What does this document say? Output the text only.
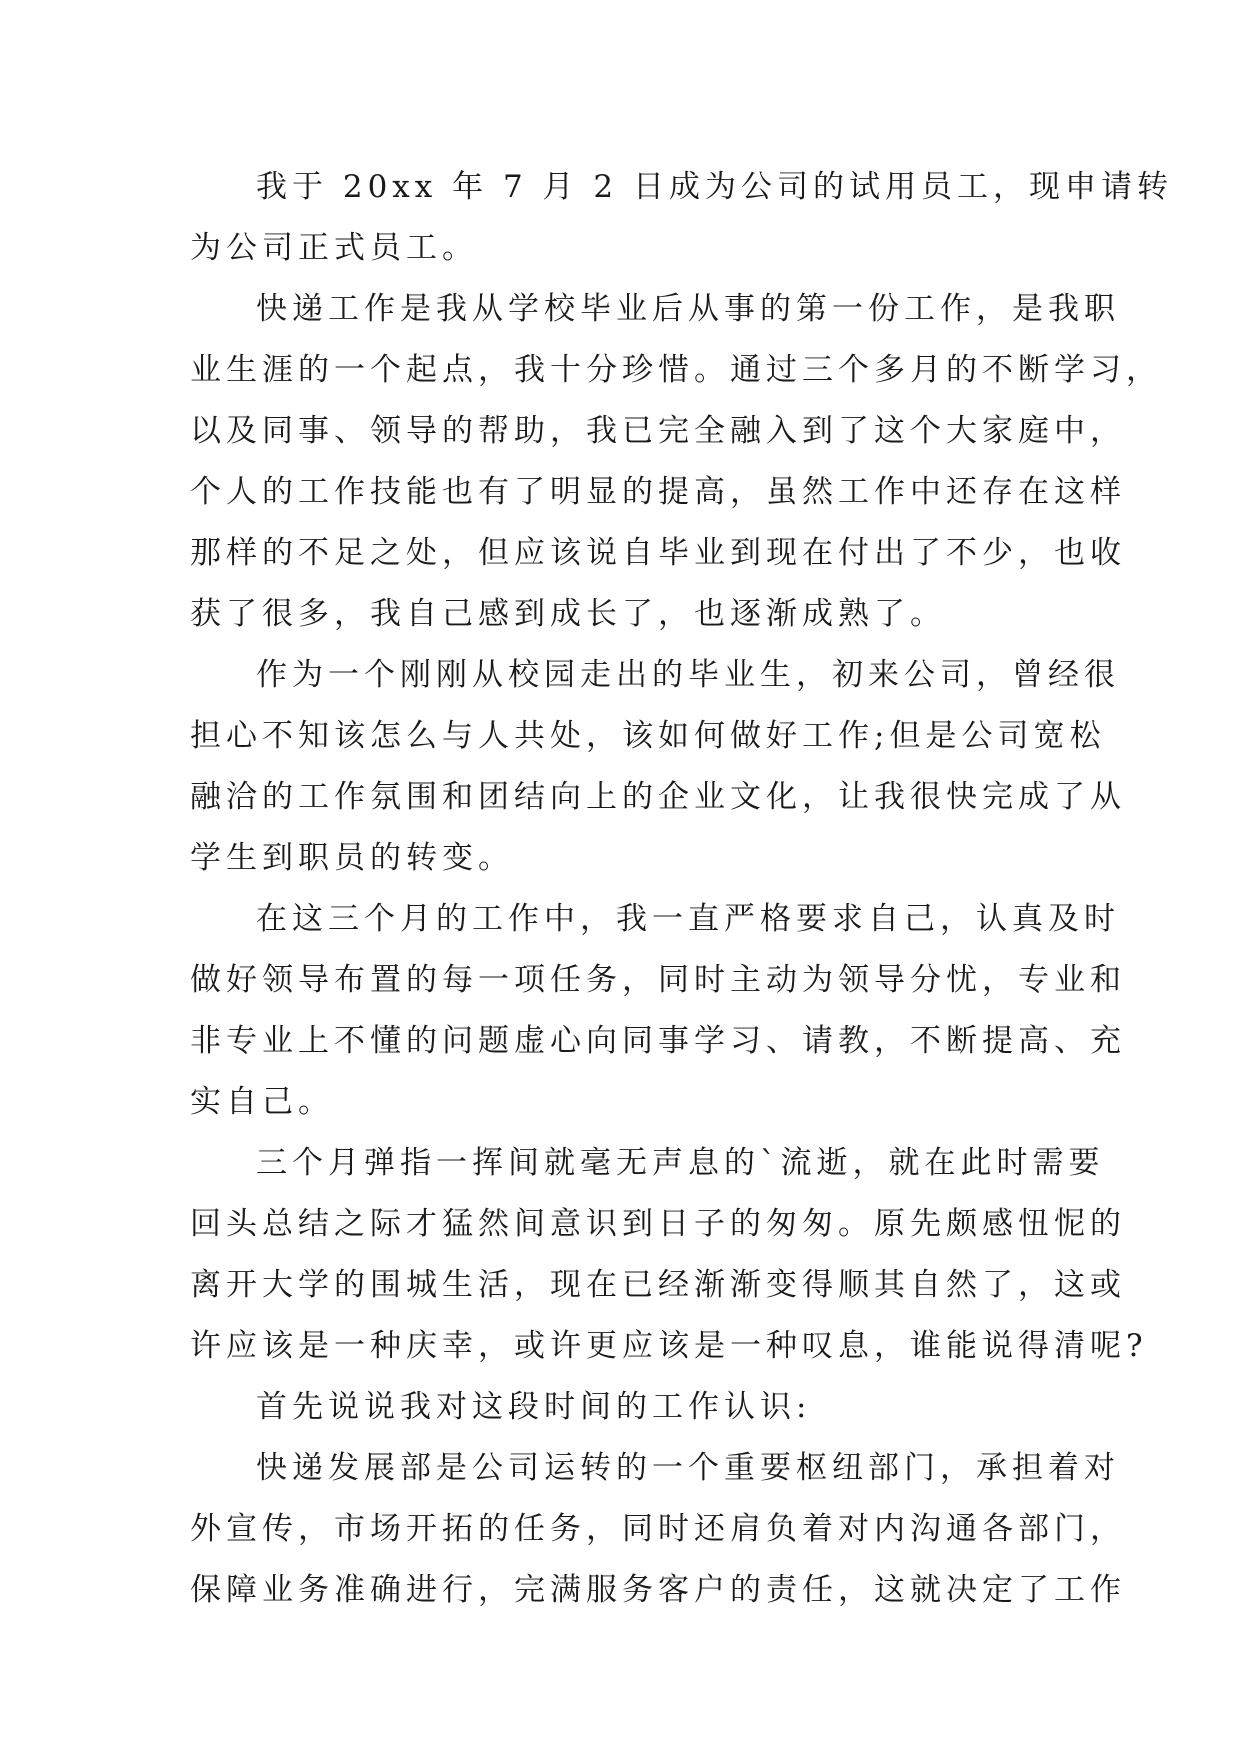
我于 20xx 年 7 月 2 日成为公司的试用员工，现申请转
为公司正式员工。
快递工作是我从学校毕业后从事的第一份工作，是我职
业生涯的一个起点，我十分珍惜。通过三个多月的不断学习，
以及同事、领导的帮助，我已完全融入到了这个大家庭中，
个人的工作技能也有了明显的提高，虽然工作中还存在这样
那样的不足之处，但应该说自毕业到现在付出了不少，也收
获了很多，我自己感到成长了，也逐渐成熟了。
作为一个刚刚从校园走出的毕业生，初来公司，曾经很
担心不知该怎么与人共处，该如何做好工作;但是公司宽松
融洽的工作氛围和团结向上的企业文化，让我很快完成了从
学生到职员的转变。
在这三个月的工作中，我一直严格要求自己，认真及时
做好领导布置的每一项任务，同时主动为领导分忧，专业和
非专业上不懂的问题虚心向同事学习、请教，不断提高、充
实自己。
三个月弹指一挥间就毫无声息的`流逝，就在此时需要
回头总结之际才猛然间意识到日子的匆匆。原先颇感忸怩的
离开大学的围城生活，现在已经渐渐变得顺其自然了，这或
许应该是一种庆幸，或许更应该是一种叹息，谁能说得清呢?
首先说说我对这段时间的工作认识:
快递发展部是公司运转的一个重要枢纽部门，承担着对
外宣传，市场开拓的任务，同时还肩负着对内沟通各部门，
保障业务准确进行，完满服务客户的责任，这就决定了工作
